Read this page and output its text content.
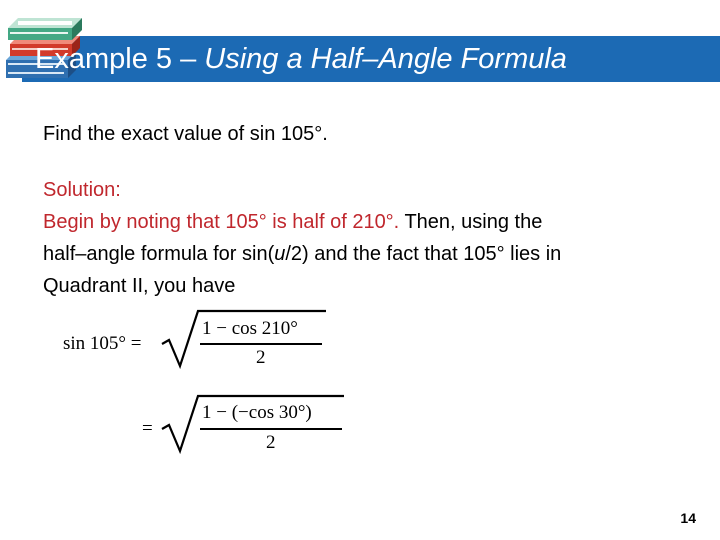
Example 5 – Using a Half–Angle Formula
Find the exact value of sin 105°.
Solution:
Begin by noting that 105° is half of 210°. Then, using the
half–angle formula for sin(u/2) and the fact that 105° lies in
Quadrant II, you have
sin 105° =
1 − cos 210°
2
=
1 − (−cos 30°)
2
14
